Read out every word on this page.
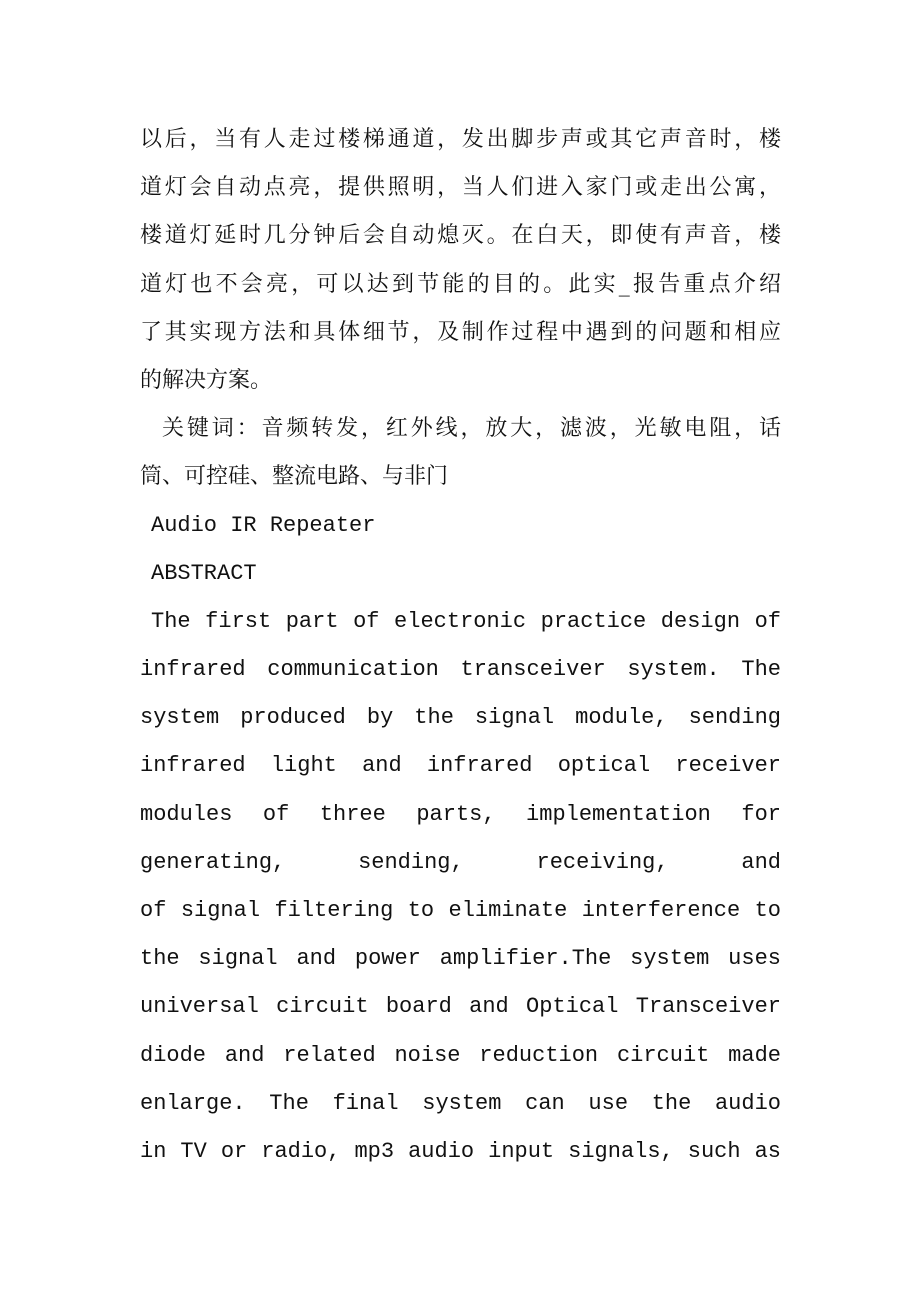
以后，当有人走过楼梯通道，发出脚步声或其它声音时，楼
道灯会自动点亮，提供照明，当人们进入家门或走出公寓，
楼道灯延时几分钟后会自动熄灭。在白天，即使有声音，楼
道灯也不会亮，可以达到节能的目的。此实_报告重点介绍
了其实现方法和具体细节，及制作过程中遇到的问题和相应
的解决方案。
关键词：音频转发，红外线，放大，滤波，光敏电阻，话
筒、可控硅、整流电路、与非门
Audio IR Repeater
ABSTRACT
The first part of electronic practice design of
infrared communication transceiver system. The
system produced by the signal module, sending
infrared light and infrared optical receiver
modules of three parts, implementation for
generating, sending, receiving, and
of signal filtering to eliminate interference to
the signal and power amplifier.The system uses
universal circuit board and Optical Transceiver
diode and related noise reduction circuit made
enlarge. The final system can use the audio
in TV or radio, mp3 audio input signals, such as
